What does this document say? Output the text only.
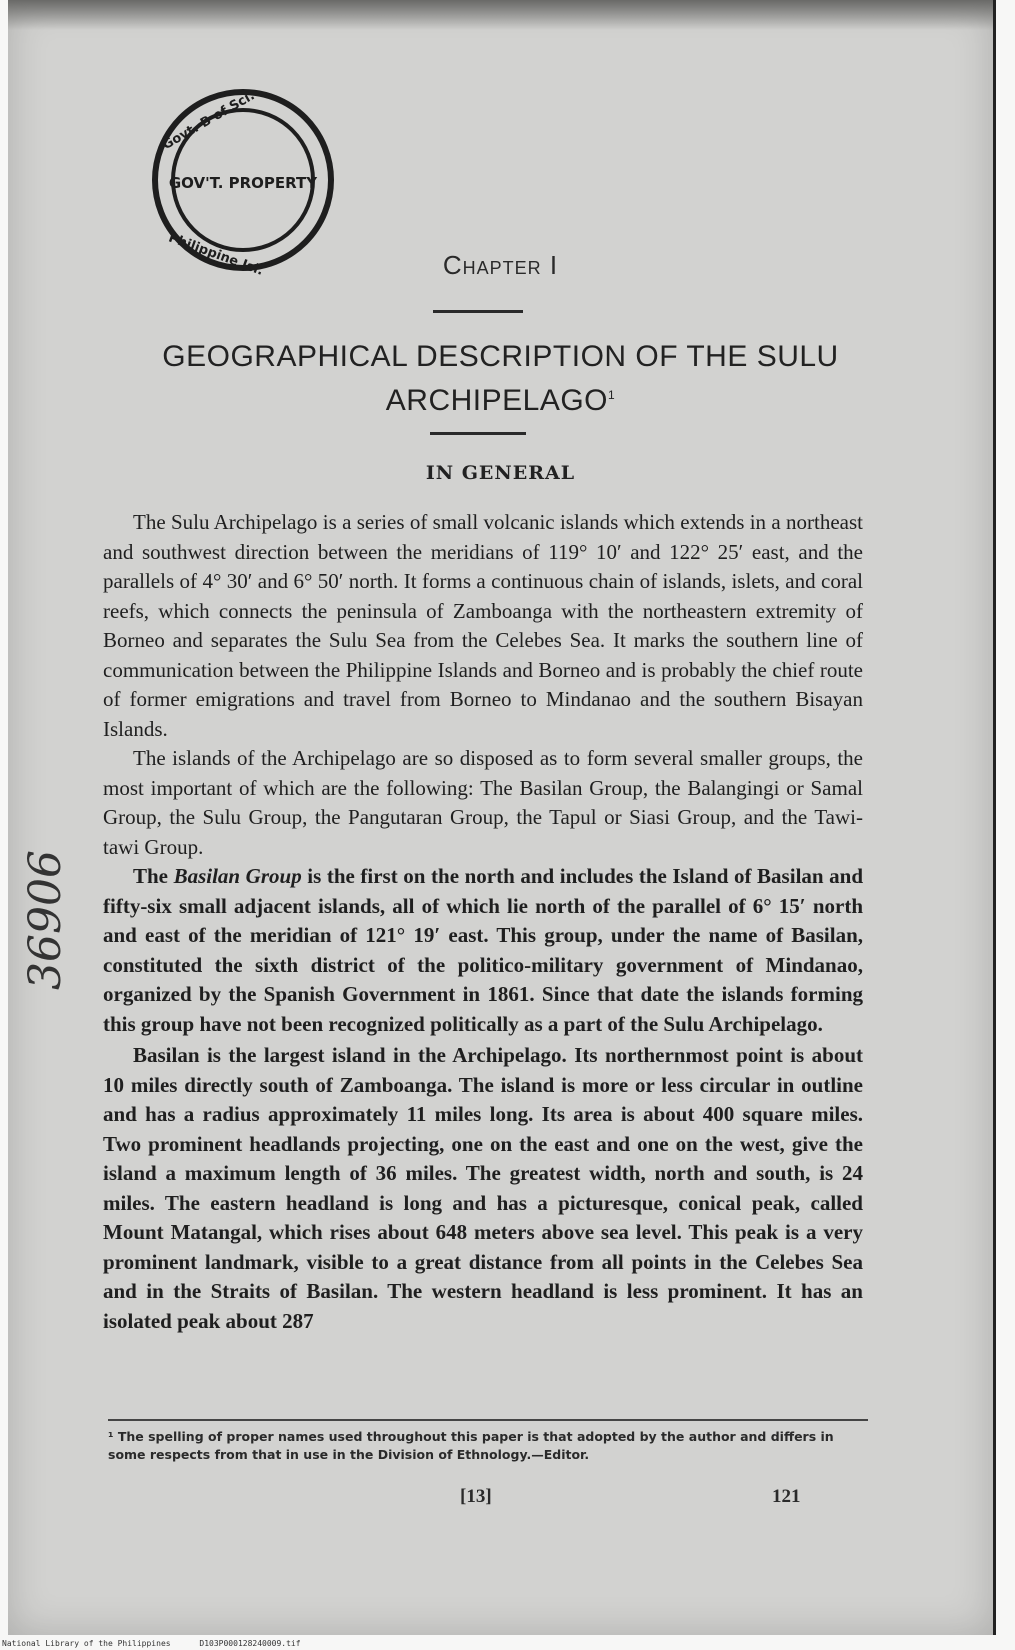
Govt. B of Sci.
Philippine Isl.
GOV'T. PROPERTY
Chapter I
GEOGRAPHICAL DESCRIPTION OF THE SULU
ARCHIPELAGO$^1$
IN GENERAL

The Sulu Archipelago is a series of small volcanic islands which extends in a northeast and southwest direction between the meridians of 119° 10′ and 122° 25′ east, and the parallels of 4° 30′ and 6° 50′ north. It forms a continuous chain of islands, islets, and coral reefs, which connects the peninsula of Zamboanga with the northeastern extremity of Borneo and separates the Sulu Sea from the Celebes Sea. It marks the southern line of communication between the Philippine Islands and Borneo and is probably the chief route of former emigrations and travel from Borneo to Mindanao and the southern Bisayan Islands.

The islands of the Archipelago are so disposed as to form several smaller groups, the most important of which are the following: The Basilan Group, the Balangingi or Samal Group, the Sulu Group, the Pangutaran Group, the Tapul or Siasi Group, and the Tawi-tawi Group.

The Basilan Group is the first on the north and includes the Island of Basilan and fifty-six small adjacent islands, all of which lie north of the parallel of 6° 15′ north and east of the meridian of 121° 19′ east. This group, under the name of Basilan, constituted the sixth district of the politico-military government of Mindanao, organized by the Spanish Government in 1861. Since that date the islands forming this group have not been recognized politically as a part of the Sulu Archipelago.

Basilan is the largest island in the Archipelago. Its northernmost point is about 10 miles directly south of Zamboanga. The island is more or less circular in outline and has a radius approximately 11 miles long. Its area is about 400 square miles. Two prominent headlands projecting, one on the east and one on the west, give the island a maximum length of 36 miles. The greatest width, north and south, is 24 miles. The eastern headland is long and has a picturesque, conical peak, called Mount Matangal, which rises about 648 meters above sea level. This peak is a very prominent landmark, visible to a great distance from all points in the Celebes Sea and in the Straits of Basilan. The western headland is less prominent. It has an isolated peak about 287

¹ The spelling of proper names used throughout this paper is that adopted by the author and differs in some respects from that in use in the Division of Ethnology.—Editor.
[13]	121
36906
National Library of the Philippines	D103P000128240009.tif
